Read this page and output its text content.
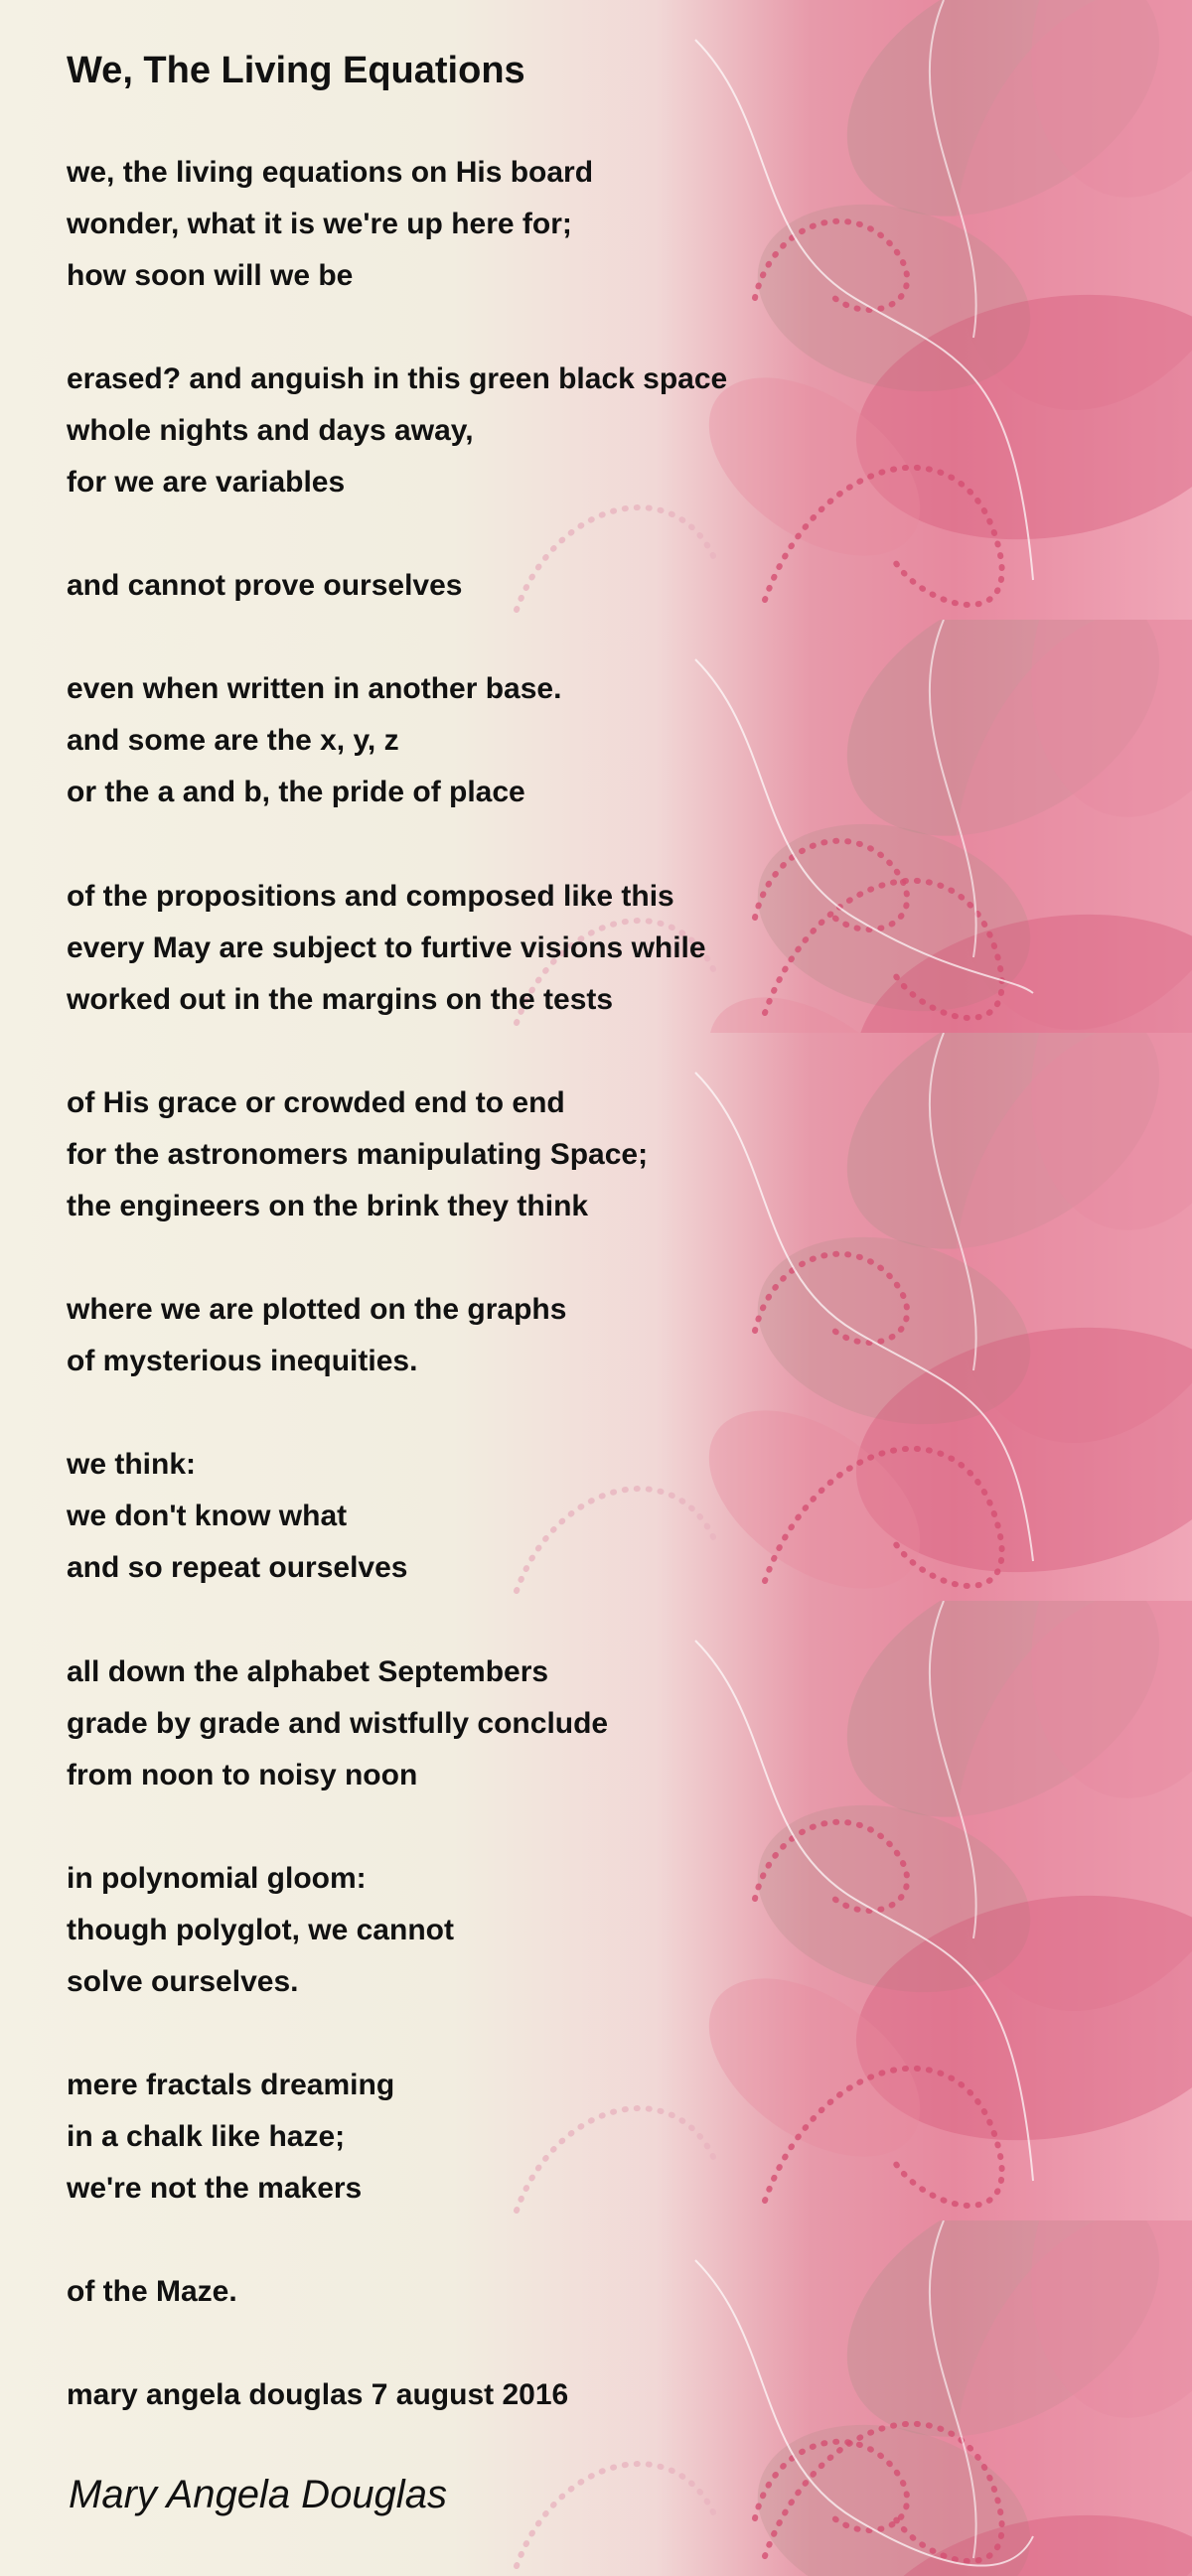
We, The Living Equations
we, the living equations on His board
wonder, what it is we're up here for;
how soon will we be
erased? and anguish in this green black space
whole nights and days away,
for we are variables
and cannot prove ourselves
even when written in another base.
and some are the x, y, z
or the a and b, the pride of place
of the propositions and composed like this
every May are subject to furtive visions while
worked out in the margins on the tests
of His grace or crowded end to end
for the astronomers manipulating Space;
the engineers on the brink they think
where we are plotted on the graphs
of mysterious inequities.
we think:
we don't know what
and so repeat ourselves
all down the alphabet Septembers
grade by grade and wistfully conclude
from noon to noisy noon
in polynomial gloom:
though polyglot, we cannot
solve ourselves.
mere fractals dreaming
in a chalk like haze;
we're not the makers
of the Maze.
mary angela douglas 7 august 2016

Mary Angela Douglas
